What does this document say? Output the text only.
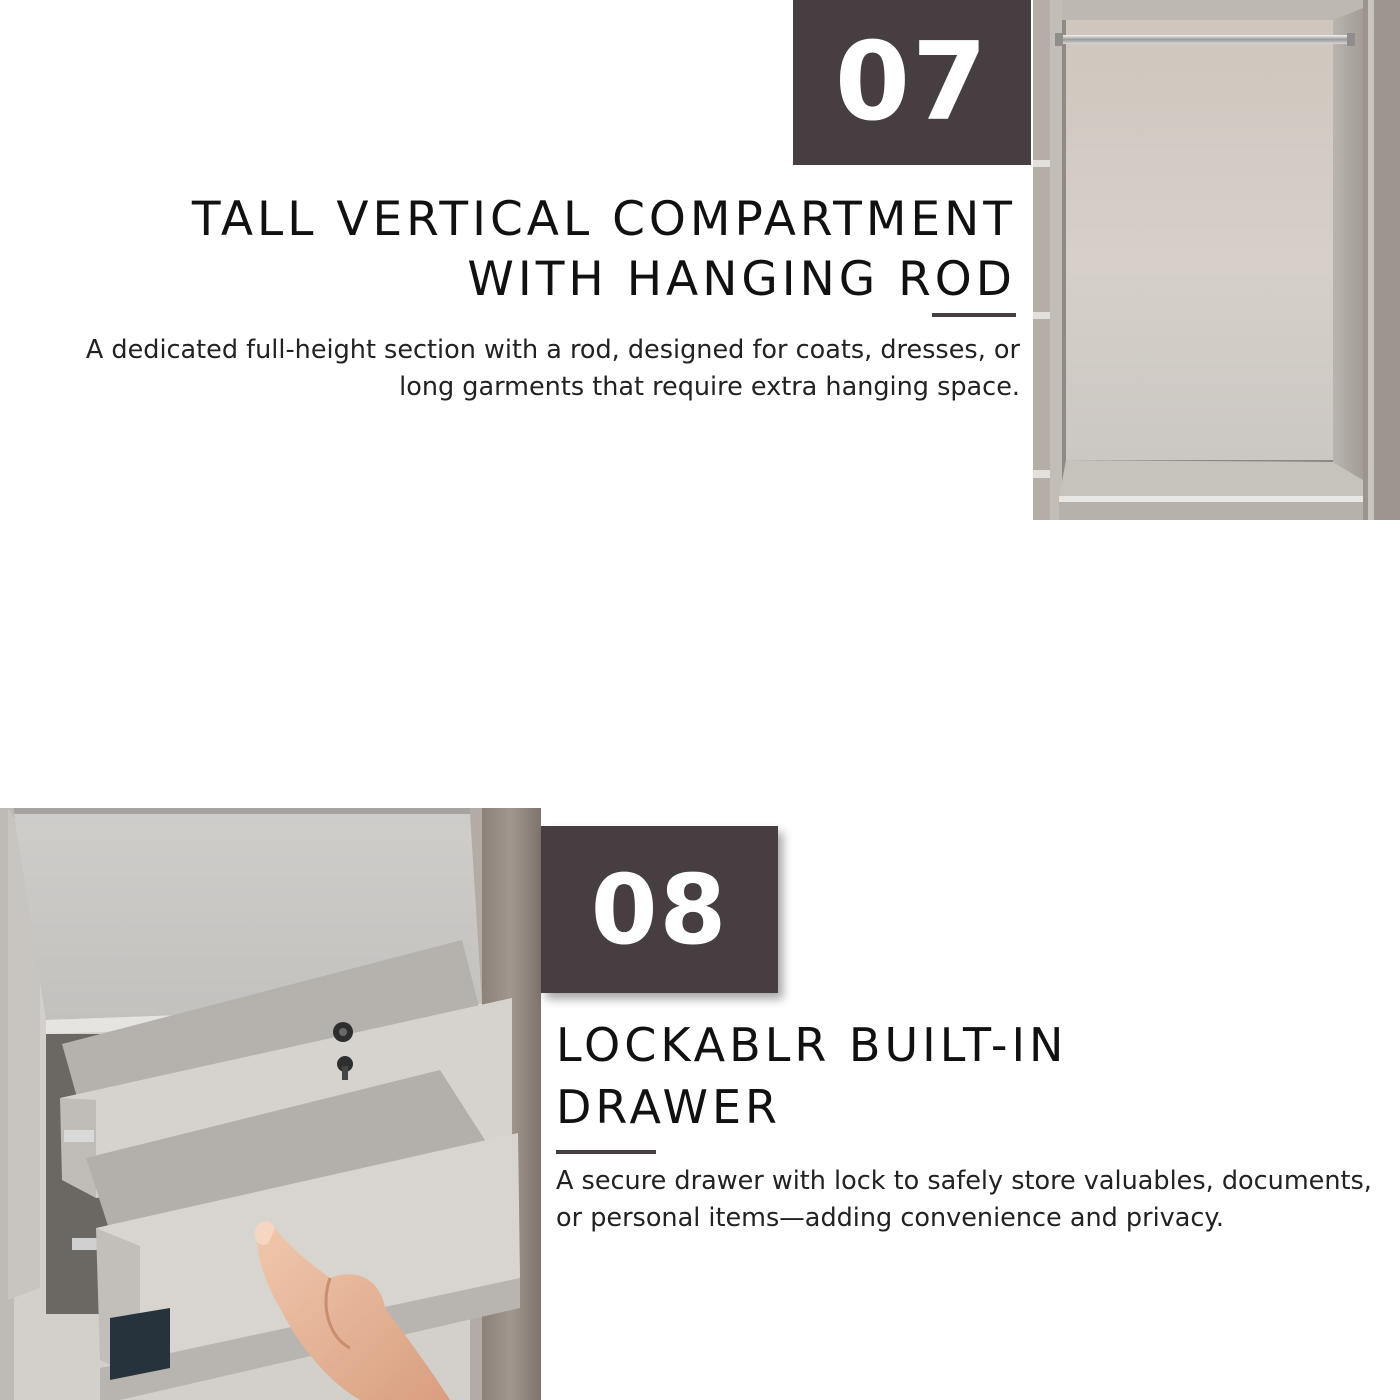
07
TALL VERTICAL COMPARTMENT
WITH HANGING ROD

A dedicated full-height section with a rod, designed for coats, dresses, or long garments that require extra hanging space.

08
LOCKABLR BUILT-IN
DRAWER

A secure drawer with lock to safely store valuables, documents, or personal items—adding convenience and privacy.
